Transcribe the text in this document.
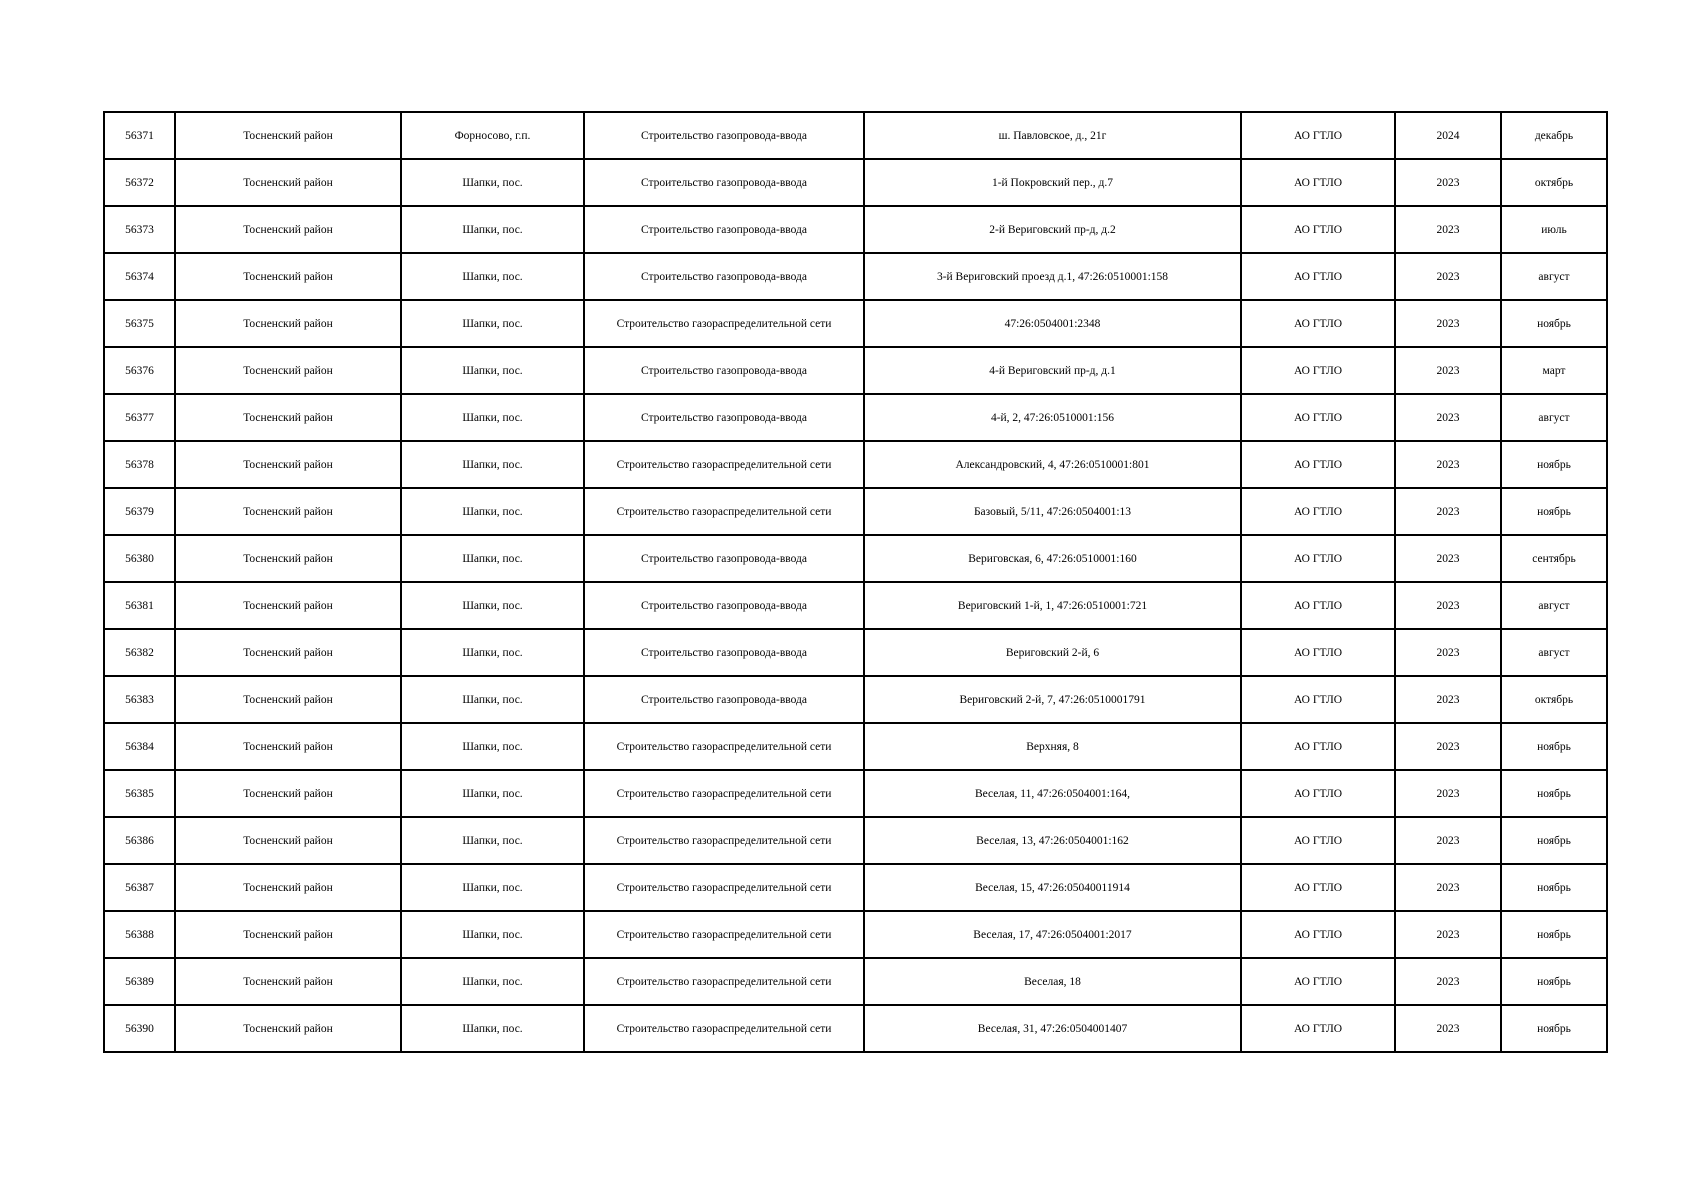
56371	Тосненский район	Форносово, г.п.	Строительство газопровода-ввода	ш. Павловское, д., 21г	АО ГТЛО	2024	декабрь
56372	Тосненский район	Шапки, пос.	Строительство газопровода-ввода	1-й Покровский пер., д.7	АО ГТЛО	2023	октябрь
56373	Тосненский район	Шапки, пос.	Строительство газопровода-ввода	2-й Вериговский пр-д, д.2	АО ГТЛО	2023	июль
56374	Тосненский район	Шапки, пос.	Строительство газопровода-ввода	3-й Вериговский проезд д.1, 47:26:0510001:158	АО ГТЛО	2023	август
56375	Тосненский район	Шапки, пос.	Строительство газораспределительной сети	47:26:0504001:2348	АО ГТЛО	2023	ноябрь
56376	Тосненский район	Шапки, пос.	Строительство газопровода-ввода	4-й Вериговский пр-д, д.1	АО ГТЛО	2023	март
56377	Тосненский район	Шапки, пос.	Строительство газопровода-ввода	4-й, 2, 47:26:0510001:156	АО ГТЛО	2023	август
56378	Тосненский район	Шапки, пос.	Строительство газораспределительной сети	Александровский, 4, 47:26:0510001:801	АО ГТЛО	2023	ноябрь
56379	Тосненский район	Шапки, пос.	Строительство газораспределительной сети	Базовый, 5/11, 47:26:0504001:13	АО ГТЛО	2023	ноябрь
56380	Тосненский район	Шапки, пос.	Строительство газопровода-ввода	Вериговская, 6, 47:26:0510001:160	АО ГТЛО	2023	сентябрь
56381	Тосненский район	Шапки, пос.	Строительство газопровода-ввода	Вериговский 1-й, 1, 47:26:0510001:721	АО ГТЛО	2023	август
56382	Тосненский район	Шапки, пос.	Строительство газопровода-ввода	Вериговский 2-й, 6	АО ГТЛО	2023	август
56383	Тосненский район	Шапки, пос.	Строительство газопровода-ввода	Вериговский 2-й, 7, 47:26:0510001791	АО ГТЛО	2023	октябрь
56384	Тосненский район	Шапки, пос.	Строительство газораспределительной сети	Верхняя, 8	АО ГТЛО	2023	ноябрь
56385	Тосненский район	Шапки, пос.	Строительство газораспределительной сети	Веселая, 11, 47:26:0504001:164,	АО ГТЛО	2023	ноябрь
56386	Тосненский район	Шапки, пос.	Строительство газораспределительной сети	Веселая, 13, 47:26:0504001:162	АО ГТЛО	2023	ноябрь
56387	Тосненский район	Шапки, пос.	Строительство газораспределительной сети	Веселая, 15, 47:26:05040011914	АО ГТЛО	2023	ноябрь
56388	Тосненский район	Шапки, пос.	Строительство газораспределительной сети	Веселая, 17, 47:26:0504001:2017	АО ГТЛО	2023	ноябрь
56389	Тосненский район	Шапки, пос.	Строительство газораспределительной сети	Веселая, 18	АО ГТЛО	2023	ноябрь
56390	Тосненский район	Шапки, пос.	Строительство газораспределительной сети	Веселая, 31, 47:26:0504001407	АО ГТЛО	2023	ноябрь
